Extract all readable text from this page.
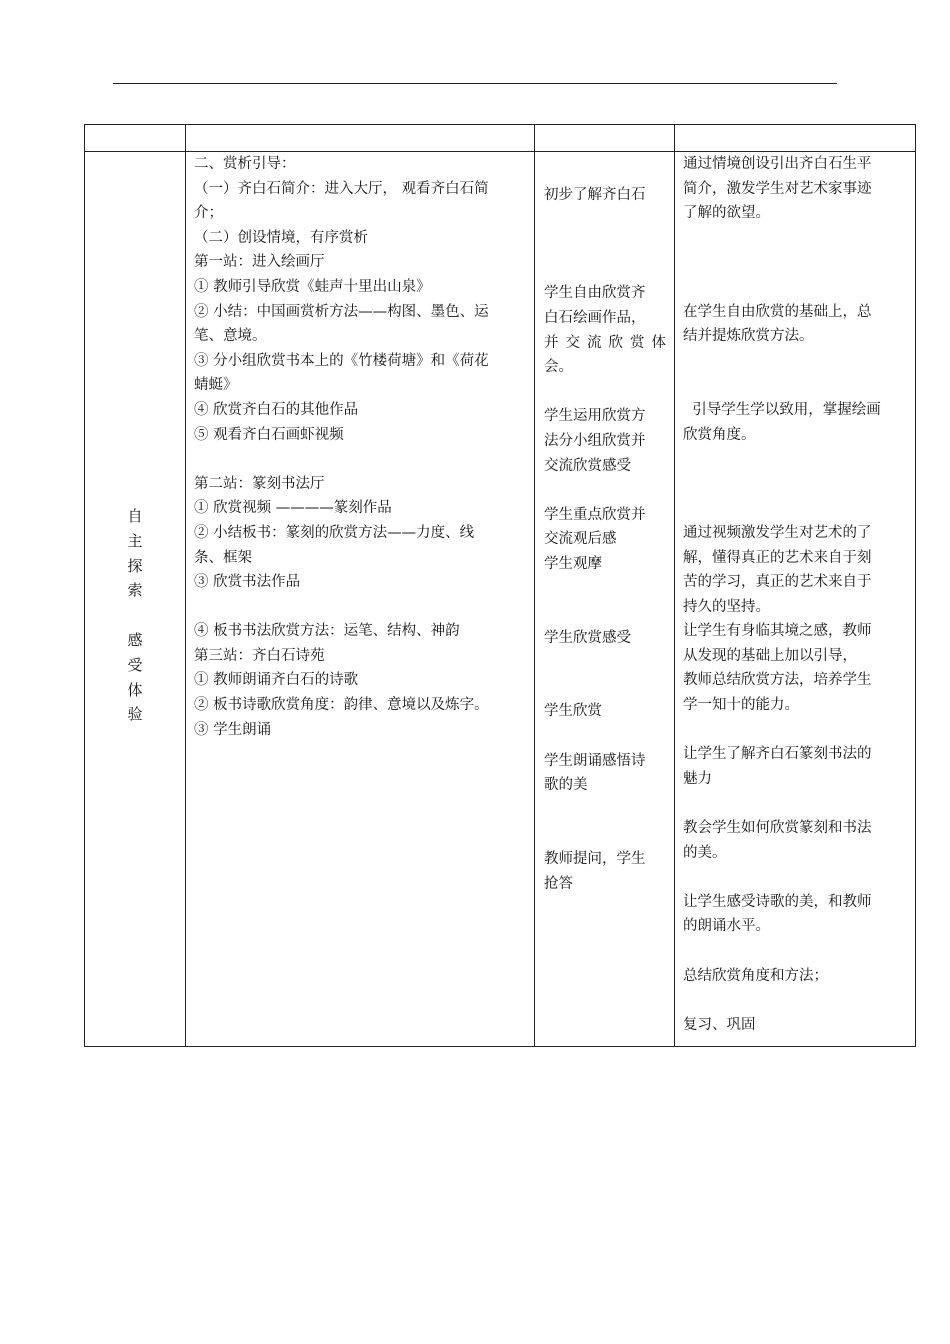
自
主
探
索
感
受
体
验
二、赏析引导：
（一）齐白石简介：进入大厅， 观看齐白石简
介；
（二）创设情境，有序赏析
第一站：进入绘画厅
① 教师引导欣赏《蛙声十里出山泉》
② 小结：中国画赏析方法——构图、墨色、运
笔、意境。
③ 分小组欣赏书本上的《竹楼荷塘》和《荷花
蜻蜓》
④ 欣赏齐白石的其他作品
⑤ 观看齐白石画虾视频
第二站：篆刻书法厅
① 欣赏视频 ————篆刻作品
② 小结板书：篆刻的欣赏方法——力度、线
条、框架
③ 欣赏书法作品
④ 板书书法欣赏方法：运笔、结构、神韵
第三站：齐白石诗苑
① 教师朗诵齐白石的诗歌
② 板书诗歌欣赏角度：韵律、意境以及炼字。
③ 学生朗诵
初步了解齐白石
学生自由欣赏齐
白石绘画作品，
并交流欣赏体
会。
学生运用欣赏方
法分小组欣赏并
交流欣赏感受
学生重点欣赏并
交流观后感
学生观摩
学生欣赏感受
学生欣赏
学生朗诵感悟诗
歌的美
教师提问，学生
抢答
通过情境创设引出齐白石生平
简介，激发学生对艺术家事迹
了解的欲望。
在学生自由欣赏的基础上，总
结并提炼欣赏方法。
引导学生学以致用，掌握绘画
欣赏角度。
通过视频激发学生对艺术的了
解，懂得真正的艺术来自于刻
苦的学习，真正的艺术来自于
持久的坚持。
让学生有身临其境之感，教师
从发现的基础上加以引导，
教师总结欣赏方法，培养学生
学一知十的能力。
让学生了解齐白石篆刻书法的
魅力
教会学生如何欣赏篆刻和书法
的美。
让学生感受诗歌的美，和教师
的朗诵水平。
总结欣赏角度和方法；
复习、巩固
